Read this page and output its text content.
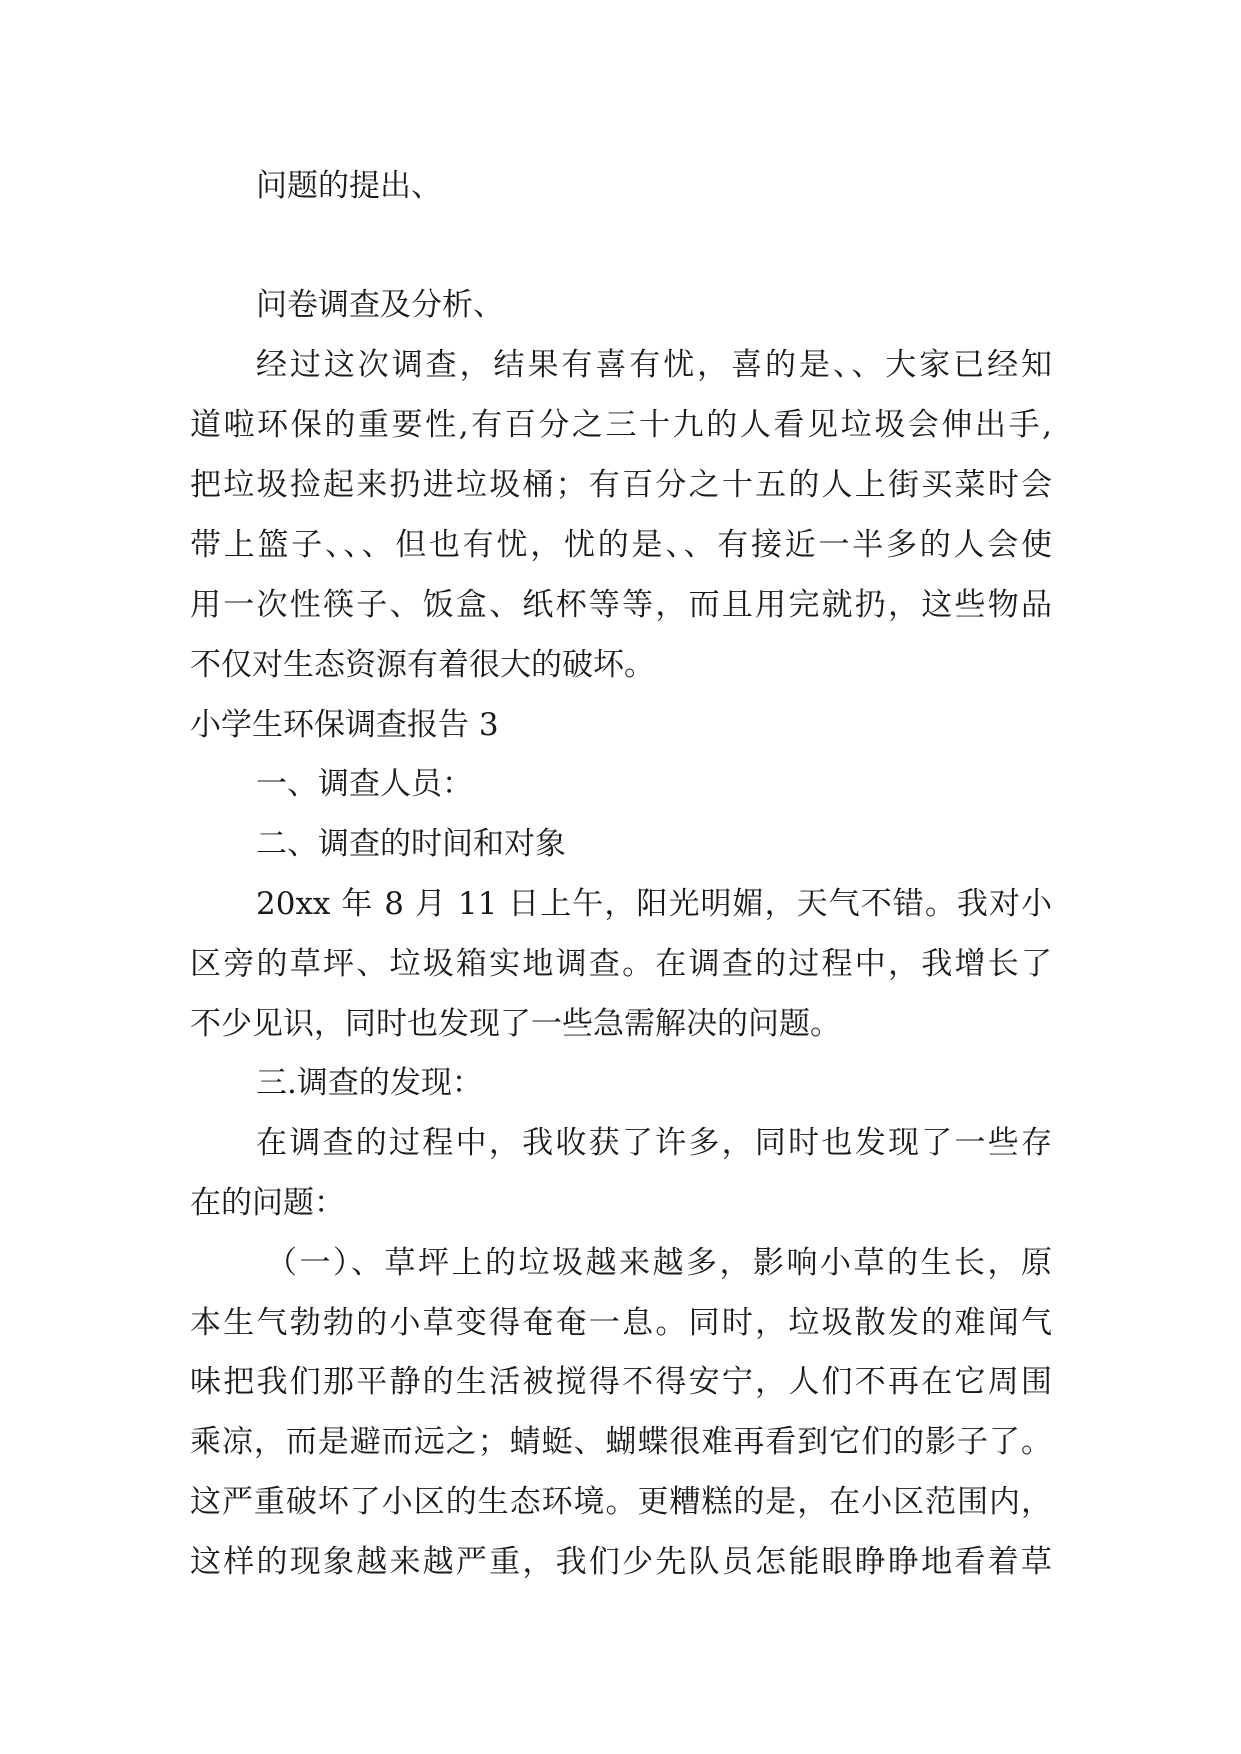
问题的提出、
问卷调查及分析、
经过这次调查，结果有喜有忧，喜的是、、大家已经知
道啦环保的重要性,有百分之三十九的人看见垃圾会伸出手,
把垃圾捡起来扔进垃圾桶；有百分之十五的人上街买菜时会
带上篮子、、、但也有忧，忧的是、、有接近一半多的人会使
用一次性筷子、饭盒、纸杯等等，而且用完就扔，这些物品
不仅对生态资源有着很大的破坏。
小学生环保调查报告 3
一、调查人员：
二、调查的时间和对象
20xx 年 8 月 11 日上午，阳光明媚，天气不错。我对小
区旁的草坪、垃圾箱实地调查。在调查的过程中，我增长了
不少见识，同时也发现了一些急需解决的问题。
三.调查的发现：
在调查的过程中，我收获了许多，同时也发现了一些存
在的问题：
（一）、草坪上的垃圾越来越多，影响小草的生长，原
本生气勃勃的小草变得奄奄一息。同时，垃圾散发的难闻气
味把我们那平静的生活被搅得不得安宁，人们不再在它周围
乘凉，而是避而远之；蜻蜓、蝴蝶很难再看到它们的影子了。
这严重破坏了小区的生态环境。更糟糕的是，在小区范围内，
这样的现象越来越严重，我们少先队员怎能眼睁睁地看着草
